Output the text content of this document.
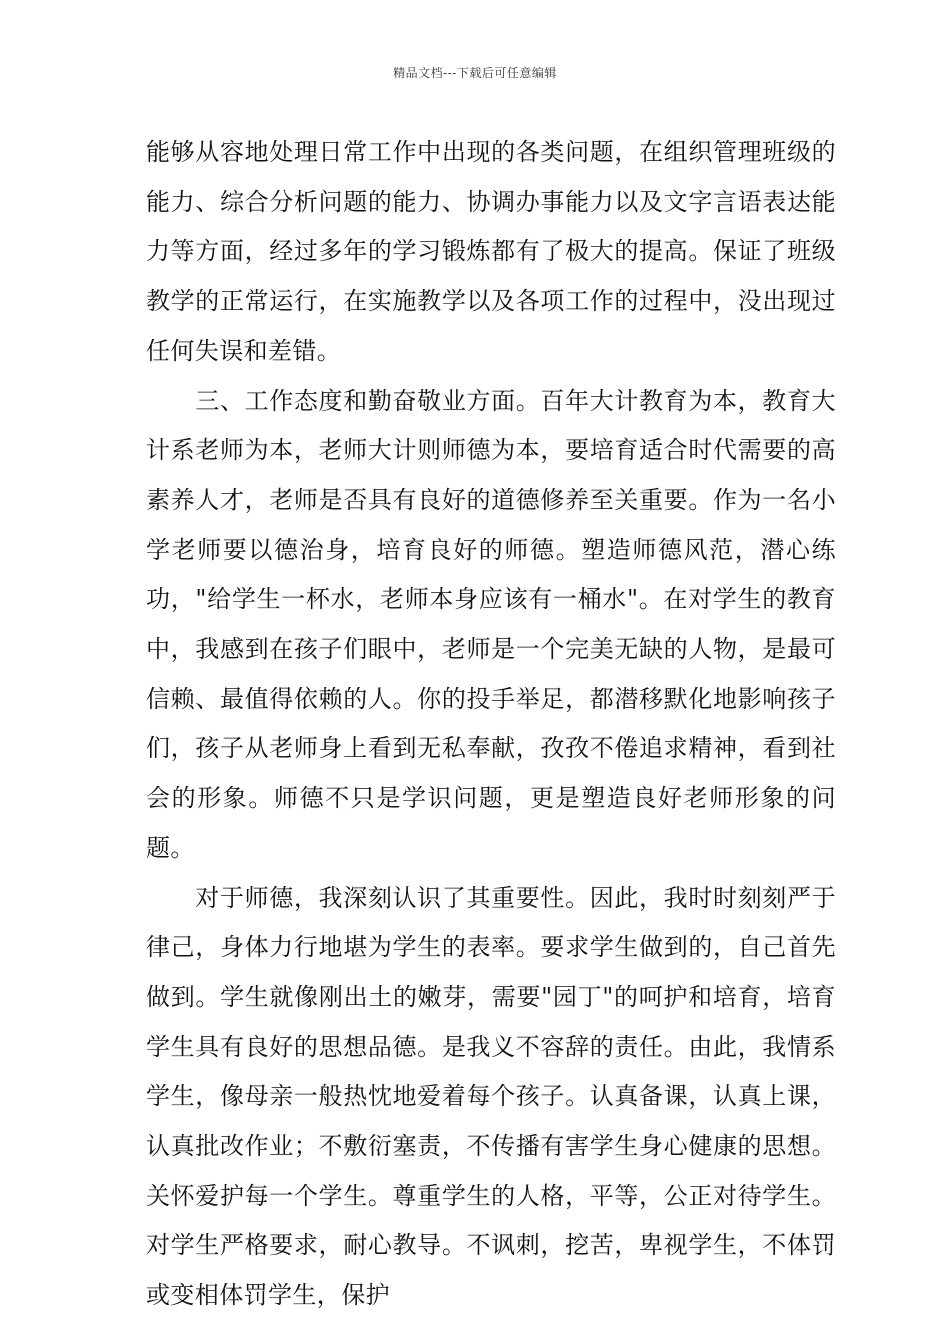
精品文档---下载后可任意编辑

能够从容地处理日常工作中出现的各类问题，在组织管理班级的能力、综合分析问题的能力、协调办事能力以及文字言语表达能力等方面，经过多年的学习锻炼都有了极大的提高。保证了班级教学的正常运行，在实施教学以及各项工作的过程中，没出现过任何失误和差错。

　　三、工作态度和勤奋敬业方面。百年大计教育为本，教育大计系老师为本，老师大计则师德为本，要培育适合时代需要的高素养人才，老师是否具有良好的道德修养至关重要。作为一名小学老师要以德治身，培育良好的师德。塑造师德风范，潜心练功，"给学生一杯水，老师本身应该有一桶水"。在对学生的教育中，我感到在孩子们眼中，老师是一个完美无缺的人物，是最可信赖、最值得依赖的人。你的投手举足，都潜移默化地影响孩子们，孩子从老师身上看到无私奉献，孜孜不倦追求精神，看到社会的形象。师德不只是学识问题，更是塑造良好老师形象的问题。

　　对于师德，我深刻认识了其重要性。因此，我时时刻刻严于律己，身体力行地堪为学生的表率。要求学生做到的，自己首先做到。学生就像刚出土的嫩芽，需要"园丁"的呵护和培育，培育学生具有良好的思想品德。是我义不容辞的责任。由此，我情系学生，像母亲一般热忱地爱着每个孩子。认真备课，认真上课，认真批改作业；不敷衍塞责，不传播有害学生身心健康的思想。关怀爱护每一个学生。尊重学生的人格，平等，公正对待学生。对学生严格要求，耐心教导。不讽刺，挖苦，卑视学生，不体罚或变相体罚学生，保护
